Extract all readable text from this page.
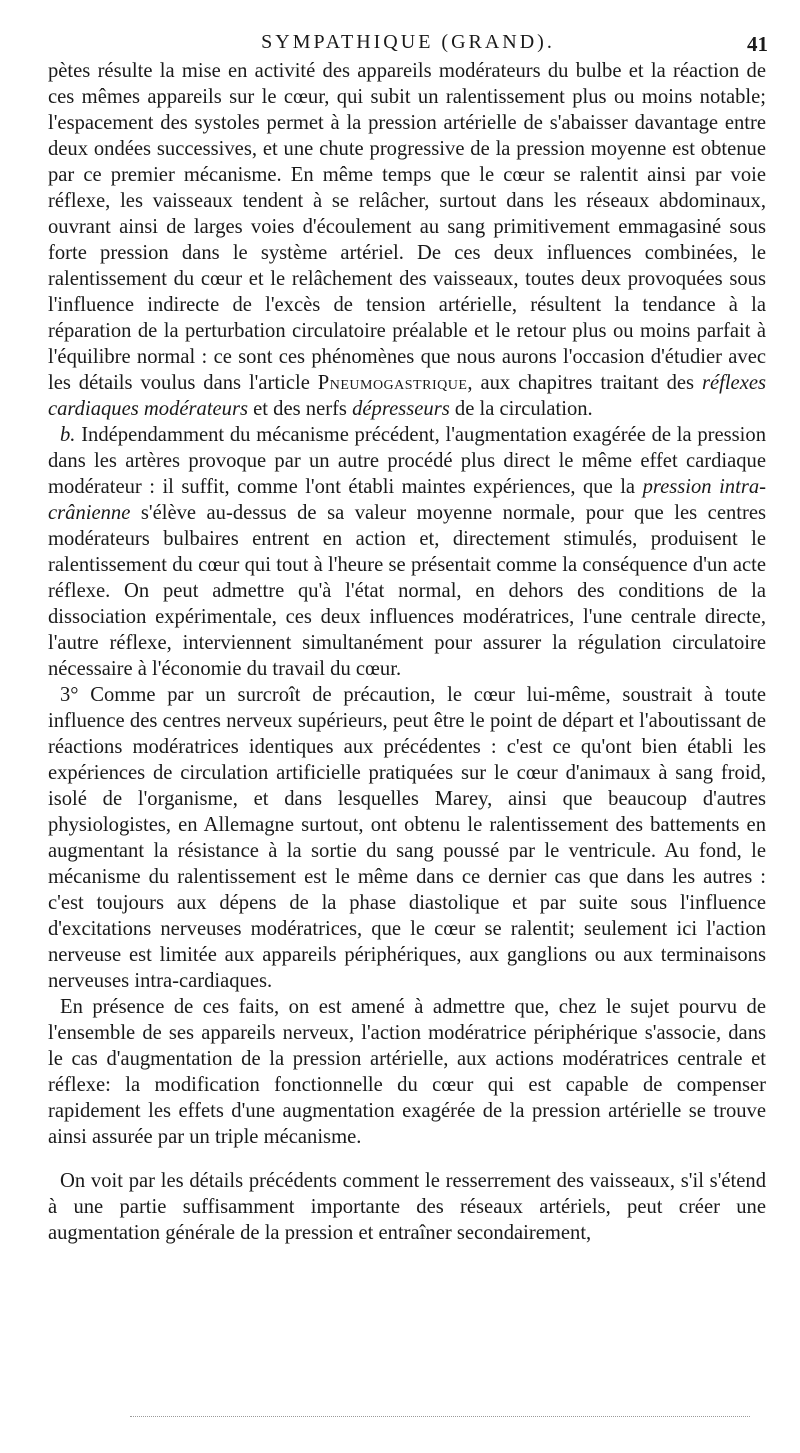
SYMPATHIQUE (GRAND).	41

pètes résulte la mise en activité des appareils modérateurs du bulbe et la réaction de ces mêmes appareils sur le cœur, qui subit un ralentissement plus ou moins notable; l'espacement des systoles permet à la pression artérielle de s'abaisser davantage entre deux ondées successives, et une chute progressive de la pression moyenne est obtenue par ce premier mécanisme. En même temps que le cœur se ralentit ainsi par voie réflexe, les vaisseaux tendent à se relâcher, surtout dans les réseaux abdominaux, ouvrant ainsi de larges voies d'écoulement au sang primitivement emmagasiné sous forte pression dans le système artériel. De ces deux influences combinées, le ralentissement du cœur et le relâchement des vaisseaux, toutes deux provoquées sous l'influence indirecte de l'excès de tension artérielle, résultent la tendance à la réparation de la perturbation circulatoire préalable et le retour plus ou moins parfait à l'équilibre normal : ce sont ces phénomènes que nous aurons l'occasion d'étudier avec les détails voulus dans l'article Pneumogastrique, aux chapitres traitant des réflexes cardiaques modérateurs et des nerfs dépresseurs de la circulation.

b. Indépendamment du mécanisme précédent, l'augmentation exagérée de la pression dans les artères provoque par un autre procédé plus direct le même effet cardiaque modérateur : il suffit, comme l'ont établi maintes expériences, que la pression intra-crânienne s'élève au-dessus de sa valeur moyenne normale, pour que les centres modérateurs bulbaires entrent en action et, directement stimulés, produisent le ralentissement du cœur qui tout à l'heure se présentait comme la conséquence d'un acte réflexe. On peut admettre qu'à l'état normal, en dehors des conditions de la dissociation expérimentale, ces deux influences modératrices, l'une centrale directe, l'autre réflexe, interviennent simultanément pour assurer la régulation circulatoire nécessaire à l'économie du travail du cœur.

3° Comme par un surcroît de précaution, le cœur lui-même, soustrait à toute influence des centres nerveux supérieurs, peut être le point de départ et l'aboutissant de réactions modératrices identiques aux précédentes : c'est ce qu'ont bien établi les expériences de circulation artificielle pratiquées sur le cœur d'animaux à sang froid, isolé de l'organisme, et dans lesquelles Marey, ainsi que beaucoup d'autres physiologistes, en Allemagne surtout, ont obtenu le ralentissement des battements en augmentant la résistance à la sortie du sang poussé par le ventricule. Au fond, le mécanisme du ralentissement est le même dans ce dernier cas que dans les autres : c'est toujours aux dépens de la phase diastolique et par suite sous l'influence d'excitations nerveuses modératrices, que le cœur se ralentit; seulement ici l'action nerveuse est limitée aux appareils périphériques, aux ganglions ou aux terminaisons nerveuses intra-cardiaques.

En présence de ces faits, on est amené à admettre que, chez le sujet pourvu de l'ensemble de ses appareils nerveux, l'action modératrice périphérique s'associe, dans le cas d'augmentation de la pression artérielle, aux actions modératrices centrale et réflexe: la modification fonctionnelle du cœur qui est capable de compenser rapidement les effets d'une augmentation exagérée de la pression artérielle se trouve ainsi assurée par un triple mécanisme.

On voit par les détails précédents comment le resserrement des vaisseaux, s'il s'étend à une partie suffisamment importante des réseaux artériels, peut créer une augmentation générale de la pression et entraîner secondairement,
